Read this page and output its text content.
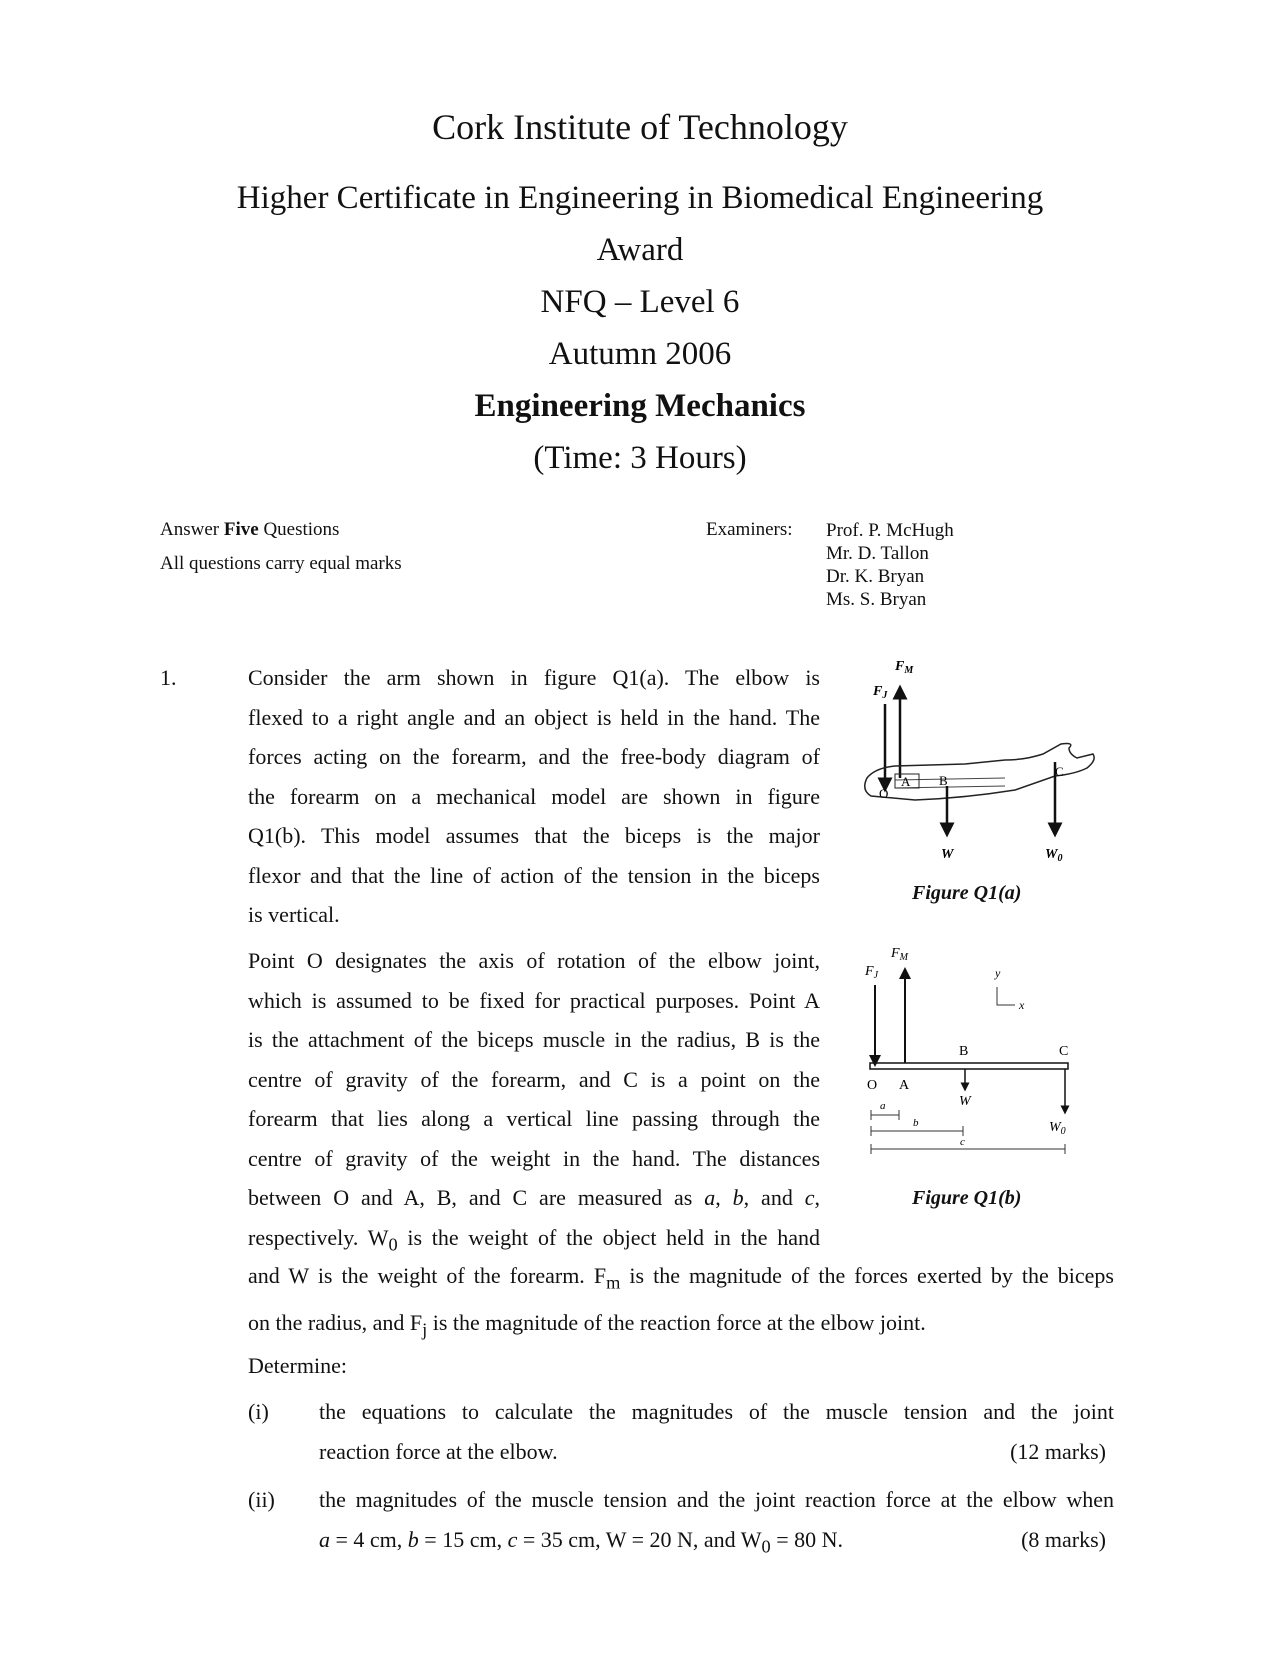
Cork Institute of Technology
Higher Certificate in Engineering in Biomedical Engineering
Award
NFQ – Level 6
Autumn 2006
Engineering Mechanics
(Time: 3 Hours)
Answer Five Questions
All questions carry equal marks
Examiners: Prof. P. McHugh
Mr. D. Tallon
Dr. K. Bryan
Ms. S. Bryan
1.	Consider the arm shown in figure Q1(a). The elbow is
flexed to a right angle and an object is held in the hand. The
forces acting on the forearm, and the free-body diagram of
the forearm on a mechanical model are shown in figure
Q1(b). This model assumes that the biceps is the major
flexor and that the line of action of the tension in the biceps
is vertical.
Point O designates the axis of rotation of the elbow joint,
which is assumed to be fixed for practical purposes. Point A
is the attachment of the biceps muscle in the radius, B is the
centre of gravity of the forearm, and C is a point on the
forearm that lies along a vertical line passing through the
centre of gravity of the weight in the hand. The distances
between O and A, B, and C are measured as a, b, and c,
respectively. $W_0$ is the weight of the object held in the hand
and W is the weight of the forearm. $F_m$ is the magnitude of the forces exerted by the biceps
on the radius, and $F_j$ is the magnitude of the reaction force at the elbow joint.
Determine:
(i) the equations to calculate the magnitudes of the muscle tension and the joint
reaction force at the elbow.	(12 marks)
(ii) the magnitudes of the muscle tension and the joint reaction force at the elbow when
a = 4 cm, b = 15 cm, c = 35 cm, W = 20 N, and $W_0 = 80$ N.	(8 marks)
$F_M$
$F_J$
A B
C
O
W	$W_0$
Figure Q1(a)
$F_M$
$F_J$	y
x
B	C
O A
W
$W_0$
a
b
c
Figure Q1(b)
